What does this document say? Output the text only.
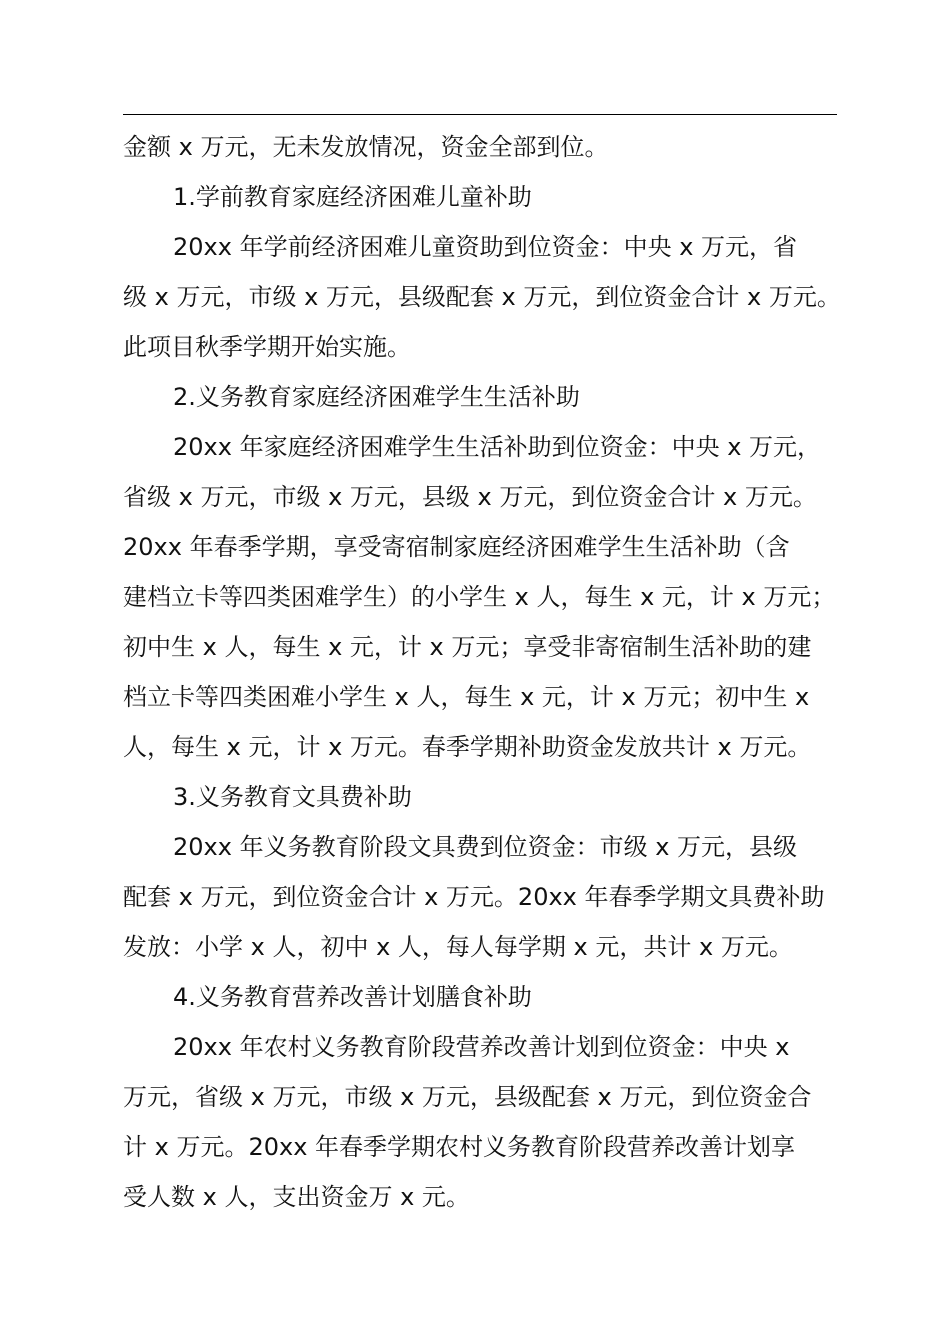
金额 x 万元，无未发放情况，资金全部到位。
1.学前教育家庭经济困难儿童补助
20xx 年学前经济困难儿童资助到位资金：中央 x 万元，省
级 x 万元，市级 x 万元，县级配套 x 万元，到位资金合计 x 万元。
此项目秋季学期开始实施。
2.义务教育家庭经济困难学生生活补助
20xx 年家庭经济困难学生生活补助到位资金：中央 x 万元，
省级 x 万元，市级 x 万元，县级 x 万元，到位资金合计 x 万元。
20xx 年春季学期，享受寄宿制家庭经济困难学生生活补助（含
建档立卡等四类困难学生）的小学生 x 人，每生 x 元，计 x 万元；
初中生 x 人，每生 x 元，计 x 万元；享受非寄宿制生活补助的建
档立卡等四类困难小学生 x 人，每生 x 元，计 x 万元；初中生 x
人，每生 x 元，计 x 万元。春季学期补助资金发放共计 x 万元。
3.义务教育文具费补助
20xx 年义务教育阶段文具费到位资金：市级 x 万元，县级
配套 x 万元，到位资金合计 x 万元。20xx 年春季学期文具费补助
发放：小学 x 人，初中 x 人，每人每学期 x 元，共计 x 万元。
4.义务教育营养改善计划膳食补助
20xx 年农村义务教育阶段营养改善计划到位资金：中央 x
万元，省级 x 万元，市级 x 万元，县级配套 x 万元，到位资金合
计 x 万元。20xx 年春季学期农村义务教育阶段营养改善计划享
受人数 x 人，支出资金万 x 元。
